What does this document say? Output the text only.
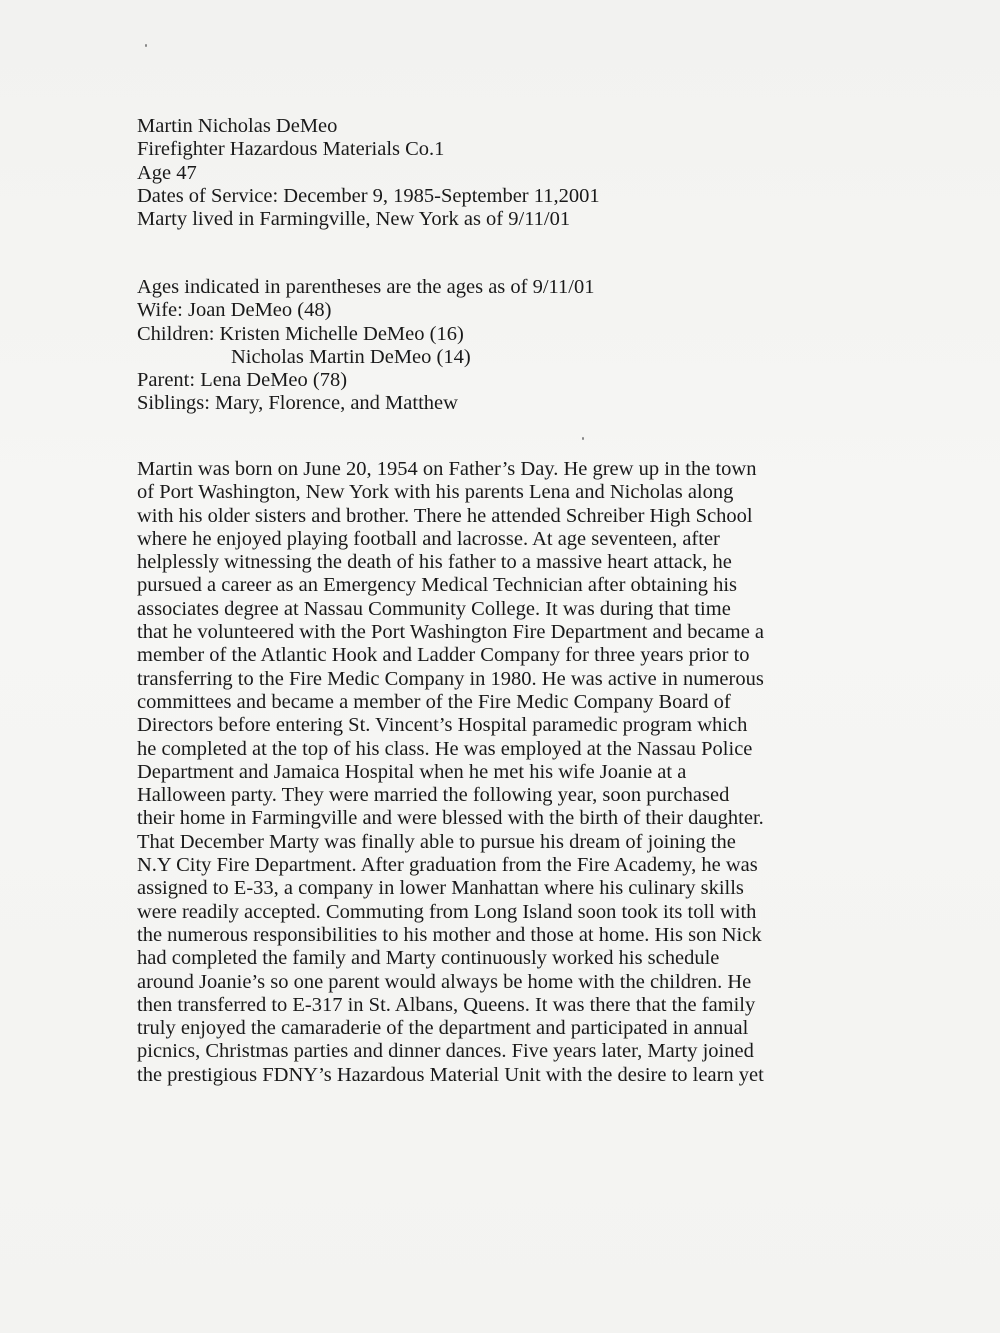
Martin Nicholas DeMeo
Firefighter Hazardous Materials Co.1
Age 47
Dates of Service: December 9, 1985-September 11,2001
Marty lived in Farmingville, New York as of 9/11/01
Ages indicated in parentheses are the ages as of 9/11/01
Wife: Joan DeMeo (48)
Children: Kristen Michelle DeMeo (16)
Nicholas Martin DeMeo (14)
Parent: Lena DeMeo (78)
Siblings: Mary, Florence, and Matthew
Martin was born on June 20, 1954 on Father’s Day. He grew up in the town
of Port Washington, New York with his parents Lena and Nicholas along
with his older sisters and brother. There he attended Schreiber High School
where he enjoyed playing football and lacrosse. At age seventeen, after
helplessly witnessing the death of his father to a massive heart attack, he
pursued a career as an Emergency Medical Technician after obtaining his
associates degree at Nassau Community College. It was during that time
that he volunteered with the Port Washington Fire Department and became a
member of the Atlantic Hook and Ladder Company for three years prior to
transferring to the Fire Medic Company in 1980. He was active in numerous
committees and became a member of the Fire Medic Company Board of
Directors before entering St. Vincent’s Hospital paramedic program which
he completed at the top of his class. He was employed at the Nassau Police
Department and Jamaica Hospital when he met his wife Joanie at a
Halloween party. They were married the following year, soon purchased
their home in Farmingville and were blessed with the birth of their daughter.
That December Marty was finally able to pursue his dream of joining the
N.Y City Fire Department. After graduation from the Fire Academy, he was
assigned to E-33, a company in lower Manhattan where his culinary skills
were readily accepted. Commuting from Long Island soon took its toll with
the numerous responsibilities to his mother and those at home. His son Nick
had completed the family and Marty continuously worked his schedule
around Joanie’s so one parent would always be home with the children. He
then transferred to E-317 in St. Albans, Queens. It was there that the family
truly enjoyed the camaraderie of the department and participated in annual
picnics, Christmas parties and dinner dances. Five years later, Marty joined
the prestigious FDNY’s Hazardous Material Unit with the desire to learn yet
